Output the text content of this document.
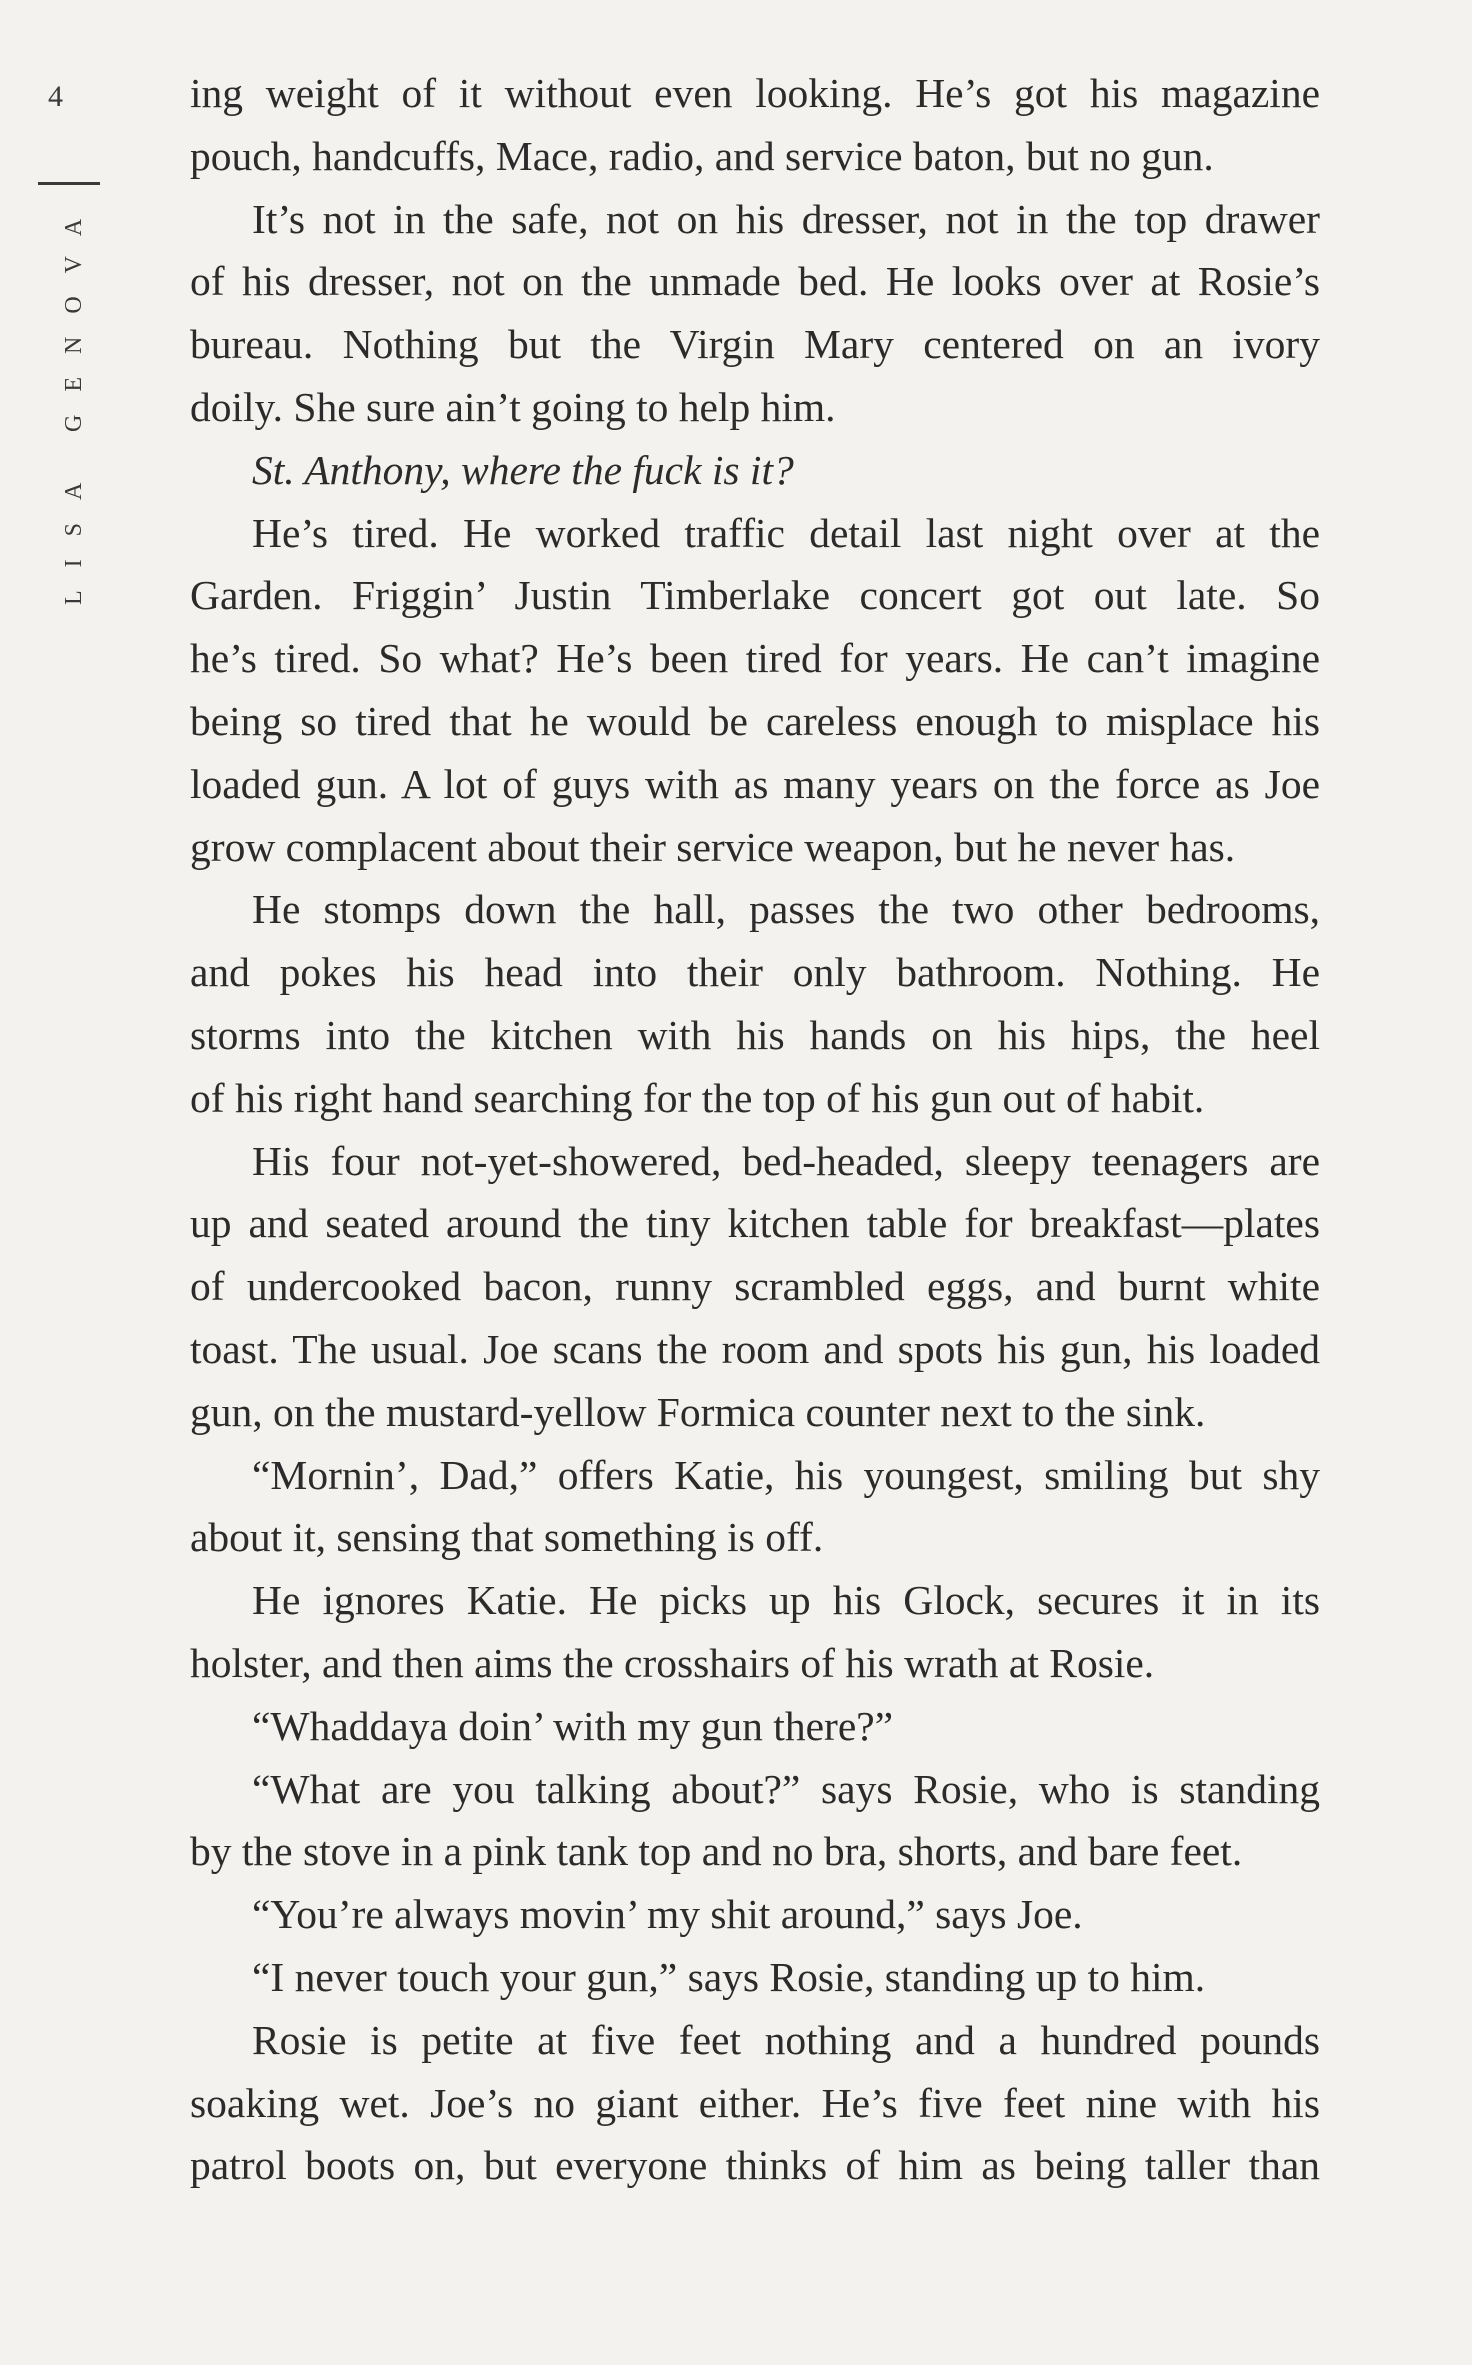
4
LISA GENOVA
ing weight of it without even looking. He’s got his magazine
pouch, handcuffs, Mace, radio, and service baton, but no gun.
It’s not in the safe, not on his dresser, not in the top drawer
of his dresser, not on the unmade bed. He looks over at Rosie’s
bureau. Nothing but the Virgin Mary centered on an ivory
doily. She sure ain’t going to help him.
St. Anthony, where the fuck is it?
He’s tired. He worked traffic detail last night over at the
Garden. Friggin’ Justin Timberlake concert got out late. So
he’s tired. So what? He’s been tired for years. He can’t imagine
being so tired that he would be careless enough to misplace his
loaded gun. A lot of guys with as many years on the force as Joe
grow complacent about their service weapon, but he never has.
He stomps down the hall, passes the two other bedrooms,
and pokes his head into their only bathroom. Nothing. He
storms into the kitchen with his hands on his hips, the heel
of his right hand searching for the top of his gun out of habit.
His four not-yet-showered, bed-headed, sleepy teenagers are
up and seated around the tiny kitchen table for breakfast—plates
of undercooked bacon, runny scrambled eggs, and burnt white
toast. The usual. Joe scans the room and spots his gun, his loaded
gun, on the mustard-yellow Formica counter next to the sink.
“Mornin’, Dad,” offers Katie, his youngest, smiling but shy
about it, sensing that something is off.
He ignores Katie. He picks up his Glock, secures it in its
holster, and then aims the crosshairs of his wrath at Rosie.
“Whaddaya doin’ with my gun there?”
“What are you talking about?” says Rosie, who is standing
by the stove in a pink tank top and no bra, shorts, and bare feet.
“You’re always movin’ my shit around,” says Joe.
“I never touch your gun,” says Rosie, standing up to him.
Rosie is petite at five feet nothing and a hundred pounds
soaking wet. Joe’s no giant either. He’s five feet nine with his
patrol boots on, but everyone thinks of him as being taller than
